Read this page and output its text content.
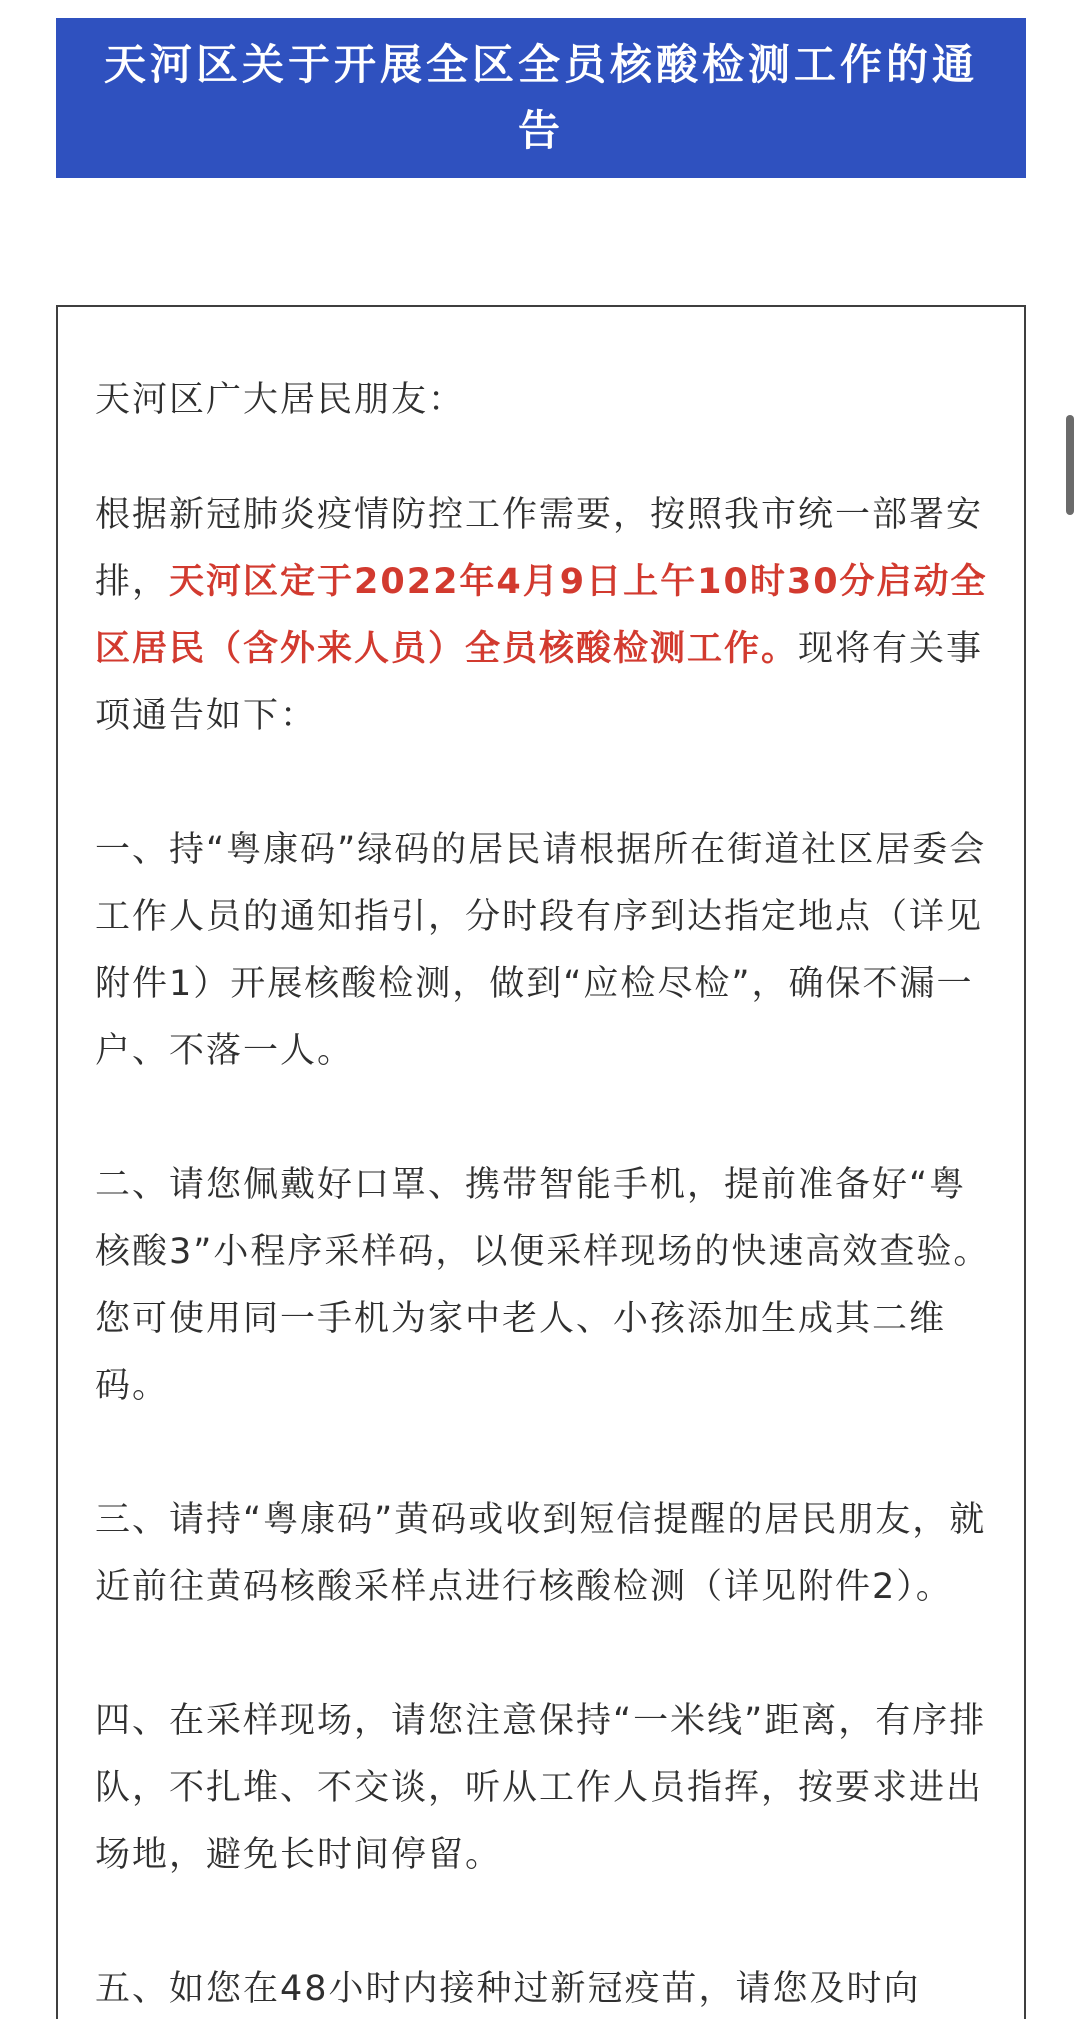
天河区关于开展全区全员核酸检测工作的通告

天河区广大居民朋友：

根据新冠肺炎疫情防控工作需要，按照我市统一部署安排，天河区定于2022年4月9日上午10时30分启动全区居民（含外来人员）全员核酸检测工作。现将有关事项通告如下：

一、持“粤康码”绿码的居民请根据所在街道社区居委会工作人员的通知指引，分时段有序到达指定地点（详见附件1）开展核酸检测，做到“应检尽检”，确保不漏一户、不落一人。

二、请您佩戴好口罩、携带智能手机，提前准备好“粤核酸3”小程序采样码，以便采样现场的快速高效查验。您可使用同一手机为家中老人、小孩添加生成其二维码。

三、请持“粤康码”黄码或收到短信提醒的居民朋友，就近前往黄码核酸采样点进行核酸检测（详见附件2）。

四、在采样现场，请您注意保持“一米线”距离，有序排队，不扎堆、不交谈，听从工作人员指挥，按要求进出场地，避免长时间停留。

五、如您在48小时内接种过新冠疫苗，请您及时向
